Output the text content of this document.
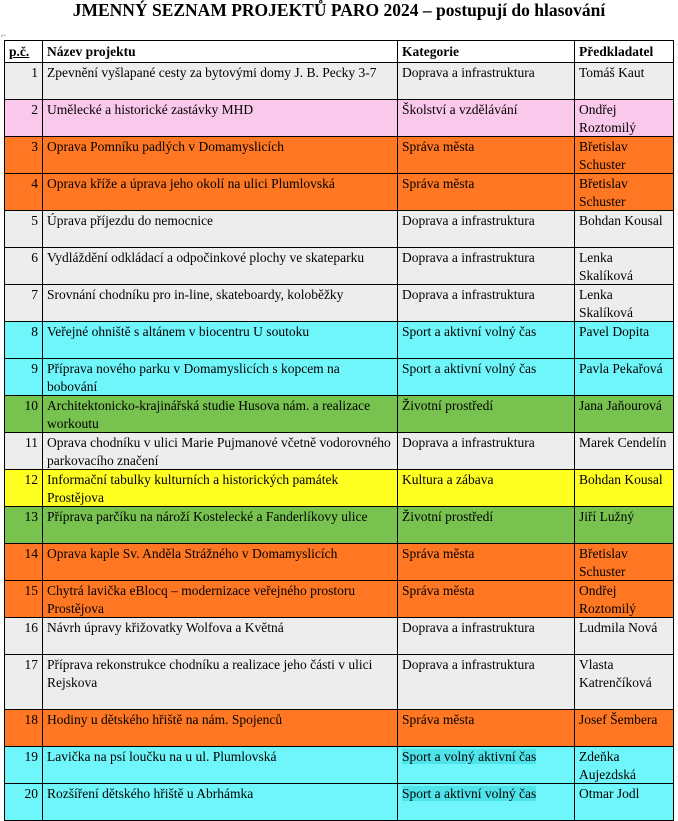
JMENNÝ SEZNAM PROJEKTŮ PARO 2024 – postupují do hlasování
⌐
p.č.	Název projektu	Kategorie	Předkladatel
1	Zpevnění vyšlapané cesty za bytovými domy J. B. Pecky 3-7	Doprava a infrastruktura	Tomáš Kaut
2	Umělecké a historické zastávky MHD	Školství a vzdělávání	Ondřej Roztomilý
3	Oprava Pomníku padlých v Domamyslicích	Správa města	Břetislav Schuster
4	Oprava kříže a úprava jeho okolí na ulici Plumlovská	Správa města	Břetislav Schuster
5	Úprava příjezdu do nemocnice	Doprava a infrastruktura	Bohdan Kousal
6	Vydláždění odkládací a odpočinkové plochy ve skateparku	Doprava a infrastruktura	Lenka Skalíková
7	Srovnání chodníku pro in-line, skateboardy, koloběžky	Doprava a infrastruktura	Lenka Skalíková
8	Veřejné ohniště s altánem v biocentru U soutoku	Sport a aktivní volný čas	Pavel Dopita
9	Příprava nového parku v Domamyslicích s kopcem na bobování	Sport a aktivní volný čas	Pavla Pekařová
10	Architektonicko-krajinářská studie Husova nám. a realizace workoutu	Životní prostředí	Jana Jaňourová
11	Oprava chodníku v ulici Marie Pujmanové včetně vodorovného parkovacího značení	Doprava a infrastruktura	Marek Cendelín
12	Informační tabulky kulturních a historických památek Prostějova	Kultura a zábava	Bohdan Kousal
13	Příprava parčíku na nároží Kostelecké a Fanderlíkovy ulice	Životní prostředí	Jiří Lužný
14	Oprava kaple Sv. Anděla Strážného v Domamyslicích	Správa města	Břetislav Schuster
15	Chytrá lavička eBlocq – modernizace veřejného prostoru Prostějova	Správa města	Ondřej Roztomilý
16	Návrh úpravy křižovatky Wolfova a Květná	Doprava a infrastruktura	Ludmila Nová
17	Příprava rekonstrukce chodníku a realizace jeho části v ulici Rejskova	Doprava a infrastruktura	Vlasta Katrenčíková
18	Hodiny u dětského hřiště na nám. Spojenců	Správa města	Josef Šembera
19	Lavička na psí loučku na u ul. Plumlovská	Sport a volný aktivní čas	Zdeňka Aujezdská
20	Rozšíření dětského hřiště u Abrhámka	Sport a aktivní volný čas	Otmar Jodl
